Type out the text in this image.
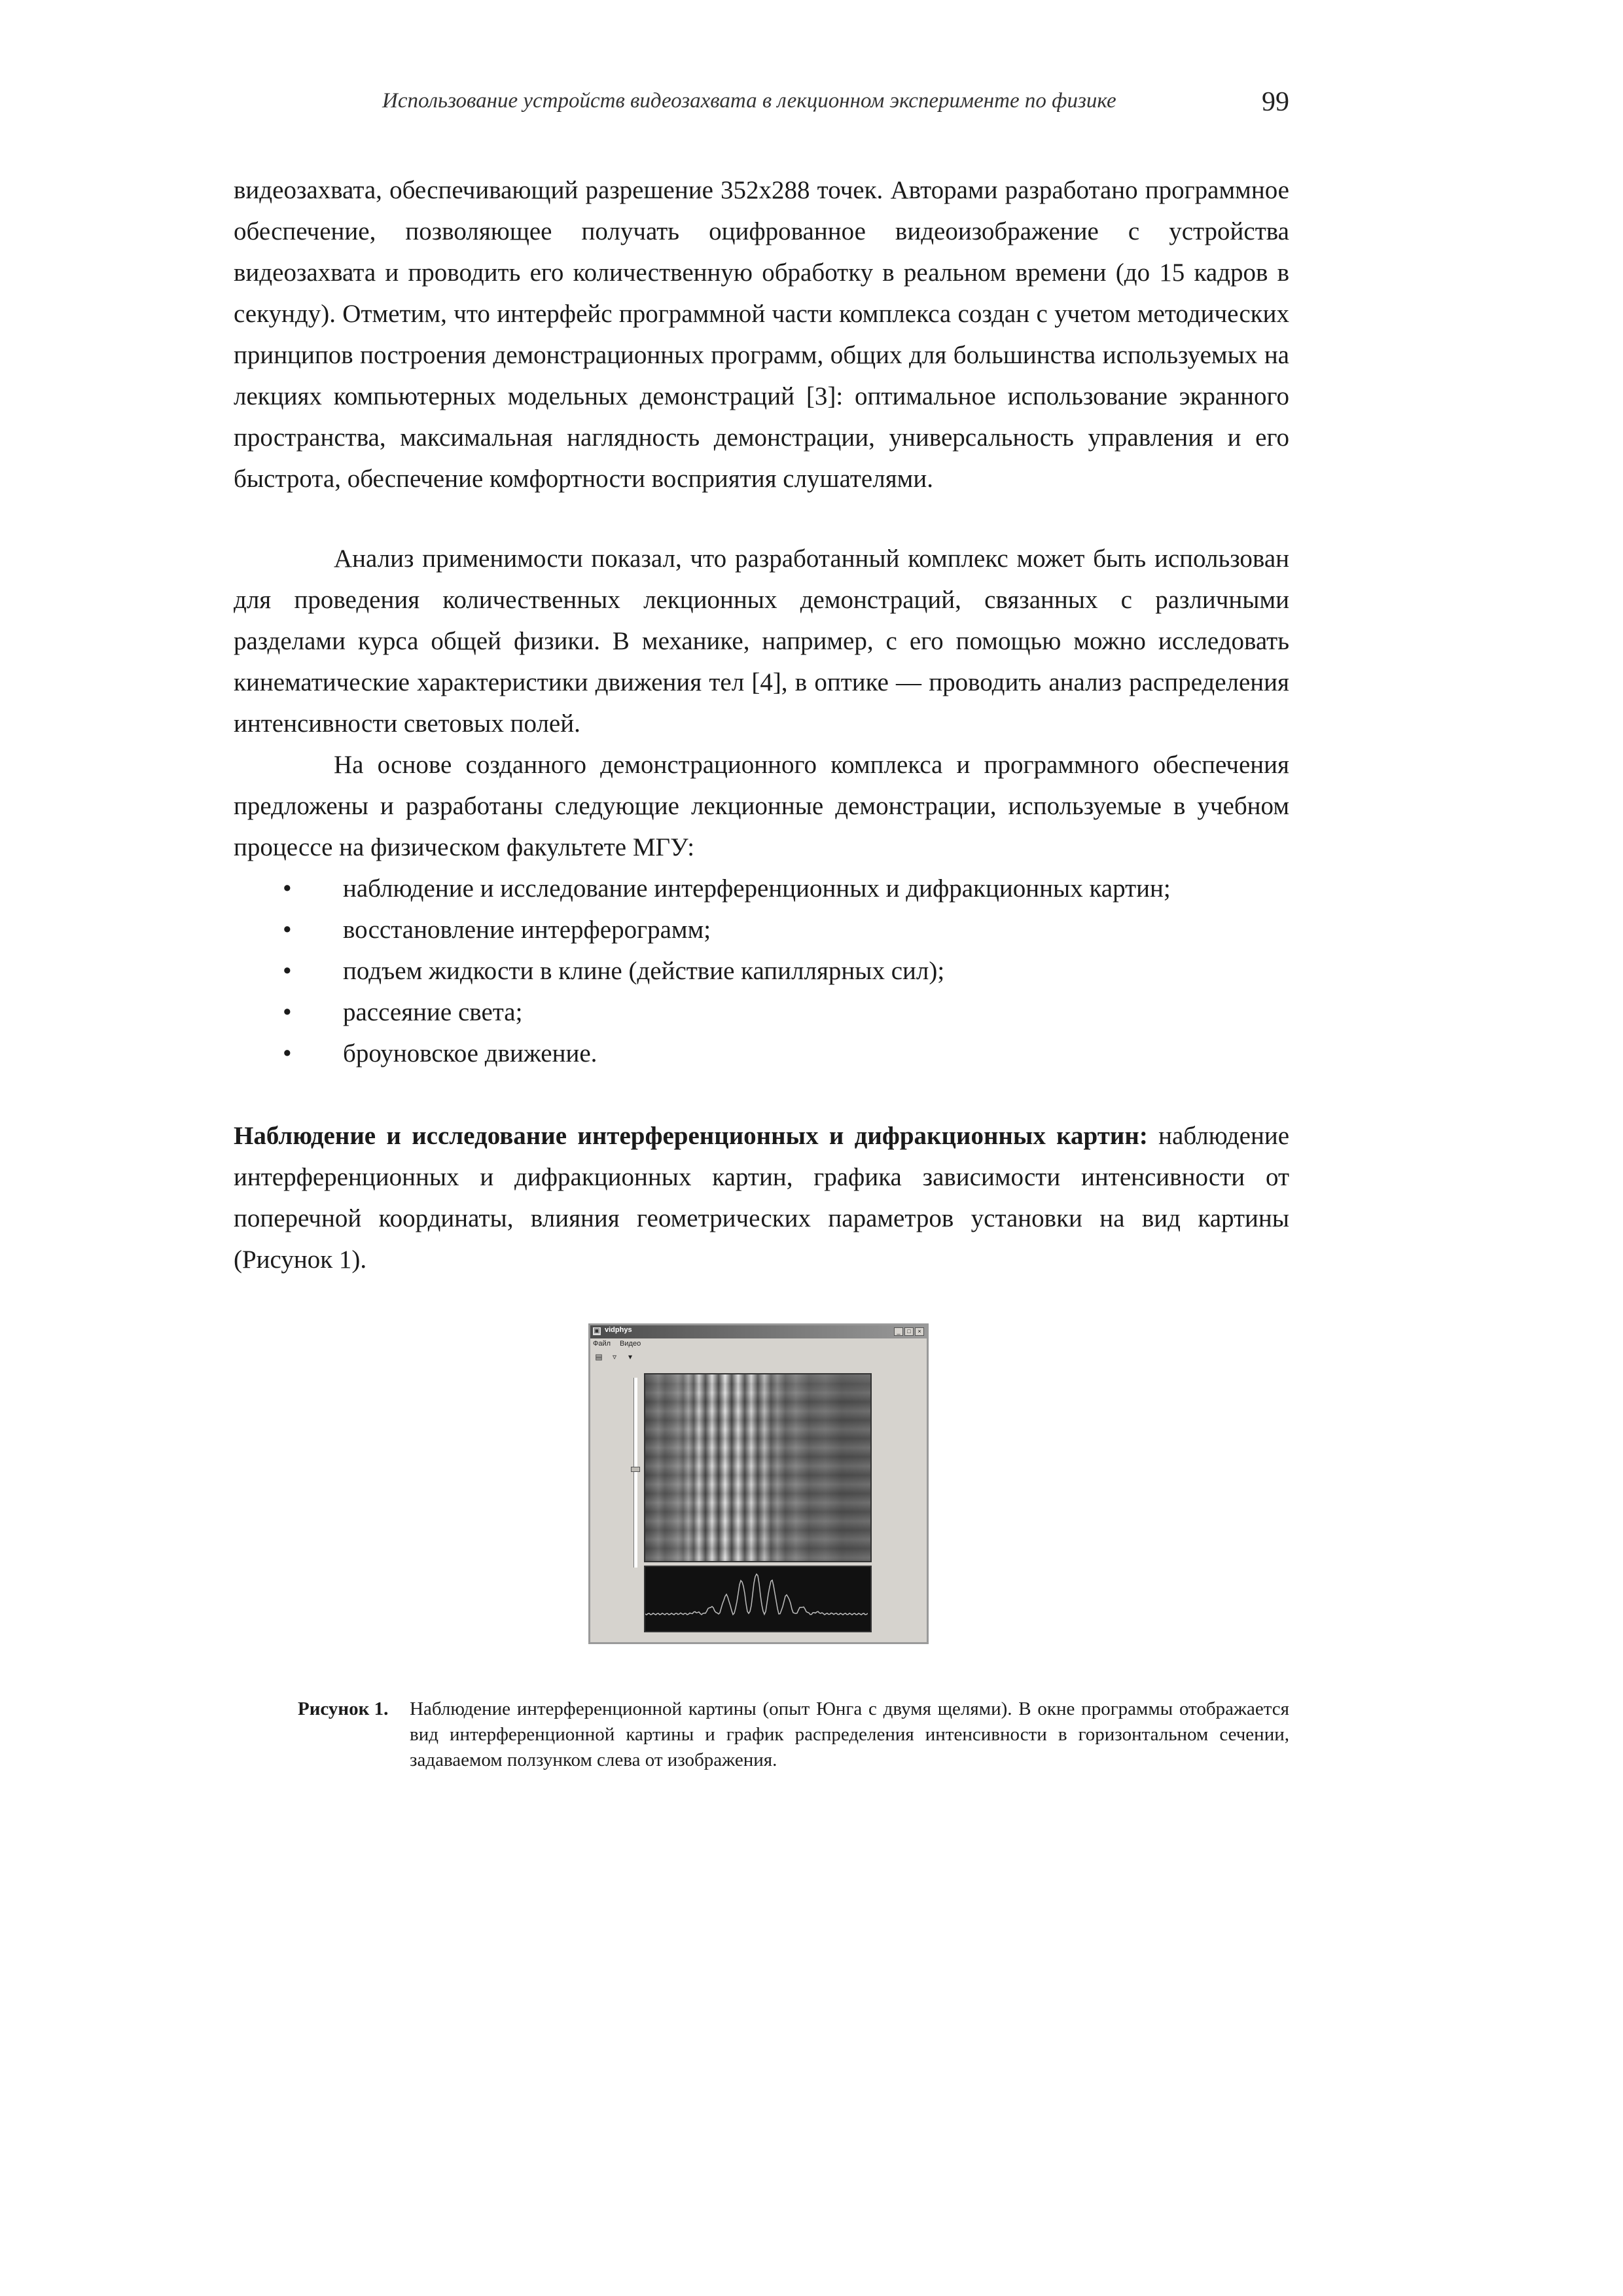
Использование устройств видеозахвата в лекционном эксперименте по физике	99

видеозахвата, обеспечивающий разрешение 352x288 точек. Авторами разработано программное обеспечение, позволяющее получать оцифрованное видеоизображение с устройства видеозахвата и проводить его количественную обработку в реальном времени (до 15 кадров в секунду). Отметим, что интерфейс программной части комплекса создан с учетом методических принципов построения демонстрационных программ, общих для большинства используемых на лекциях компьютерных модельных демонстраций [3]: оптимальное использование экранного пространства, максимальная наглядность демонстрации, универсальность управления и его быстрота, обеспечение комфортности восприятия слушателями.

Анализ применимости показал, что разработанный комплекс может быть использован для проведения количественных лекционных демонстраций, связанных с различными разделами курса общей физики. В механике, например, с его помощью можно исследовать кинематические характеристики движения тел [4], в оптике — проводить анализ распределения интенсивности световых полей.

На основе созданного демонстрационного комплекса и программного обеспечения предложены и разработаны следующие лекционные демонстрации, используемые в учебном процессе на физическом факультете МГУ:

• наблюдение и исследование интерференционных и дифракционных картин;
• восстановление интерферограмм;
• подъем жидкости в клине (действие капиллярных сил);
• рассеяние света;
• броуновское движение.
Наблюдение и исследование интерференционных и дифракционных картин: наблюдение интерференционных и дифракционных картин, графика зависимости интенсивности от поперечной координаты, влияния геометрических параметров установки на вид картины (Рисунок 1).
▣ vidphys	_	□	×
Файл Видео
▤	▿	▾
Рисунок 1. Наблюдение интерференционной картины (опыт Юнга с двумя щелями). В окне программы отображается вид интерференционной картины и график распределения интенсивности в горизонтальном сечении, задаваемом ползунком слева от изображения.
